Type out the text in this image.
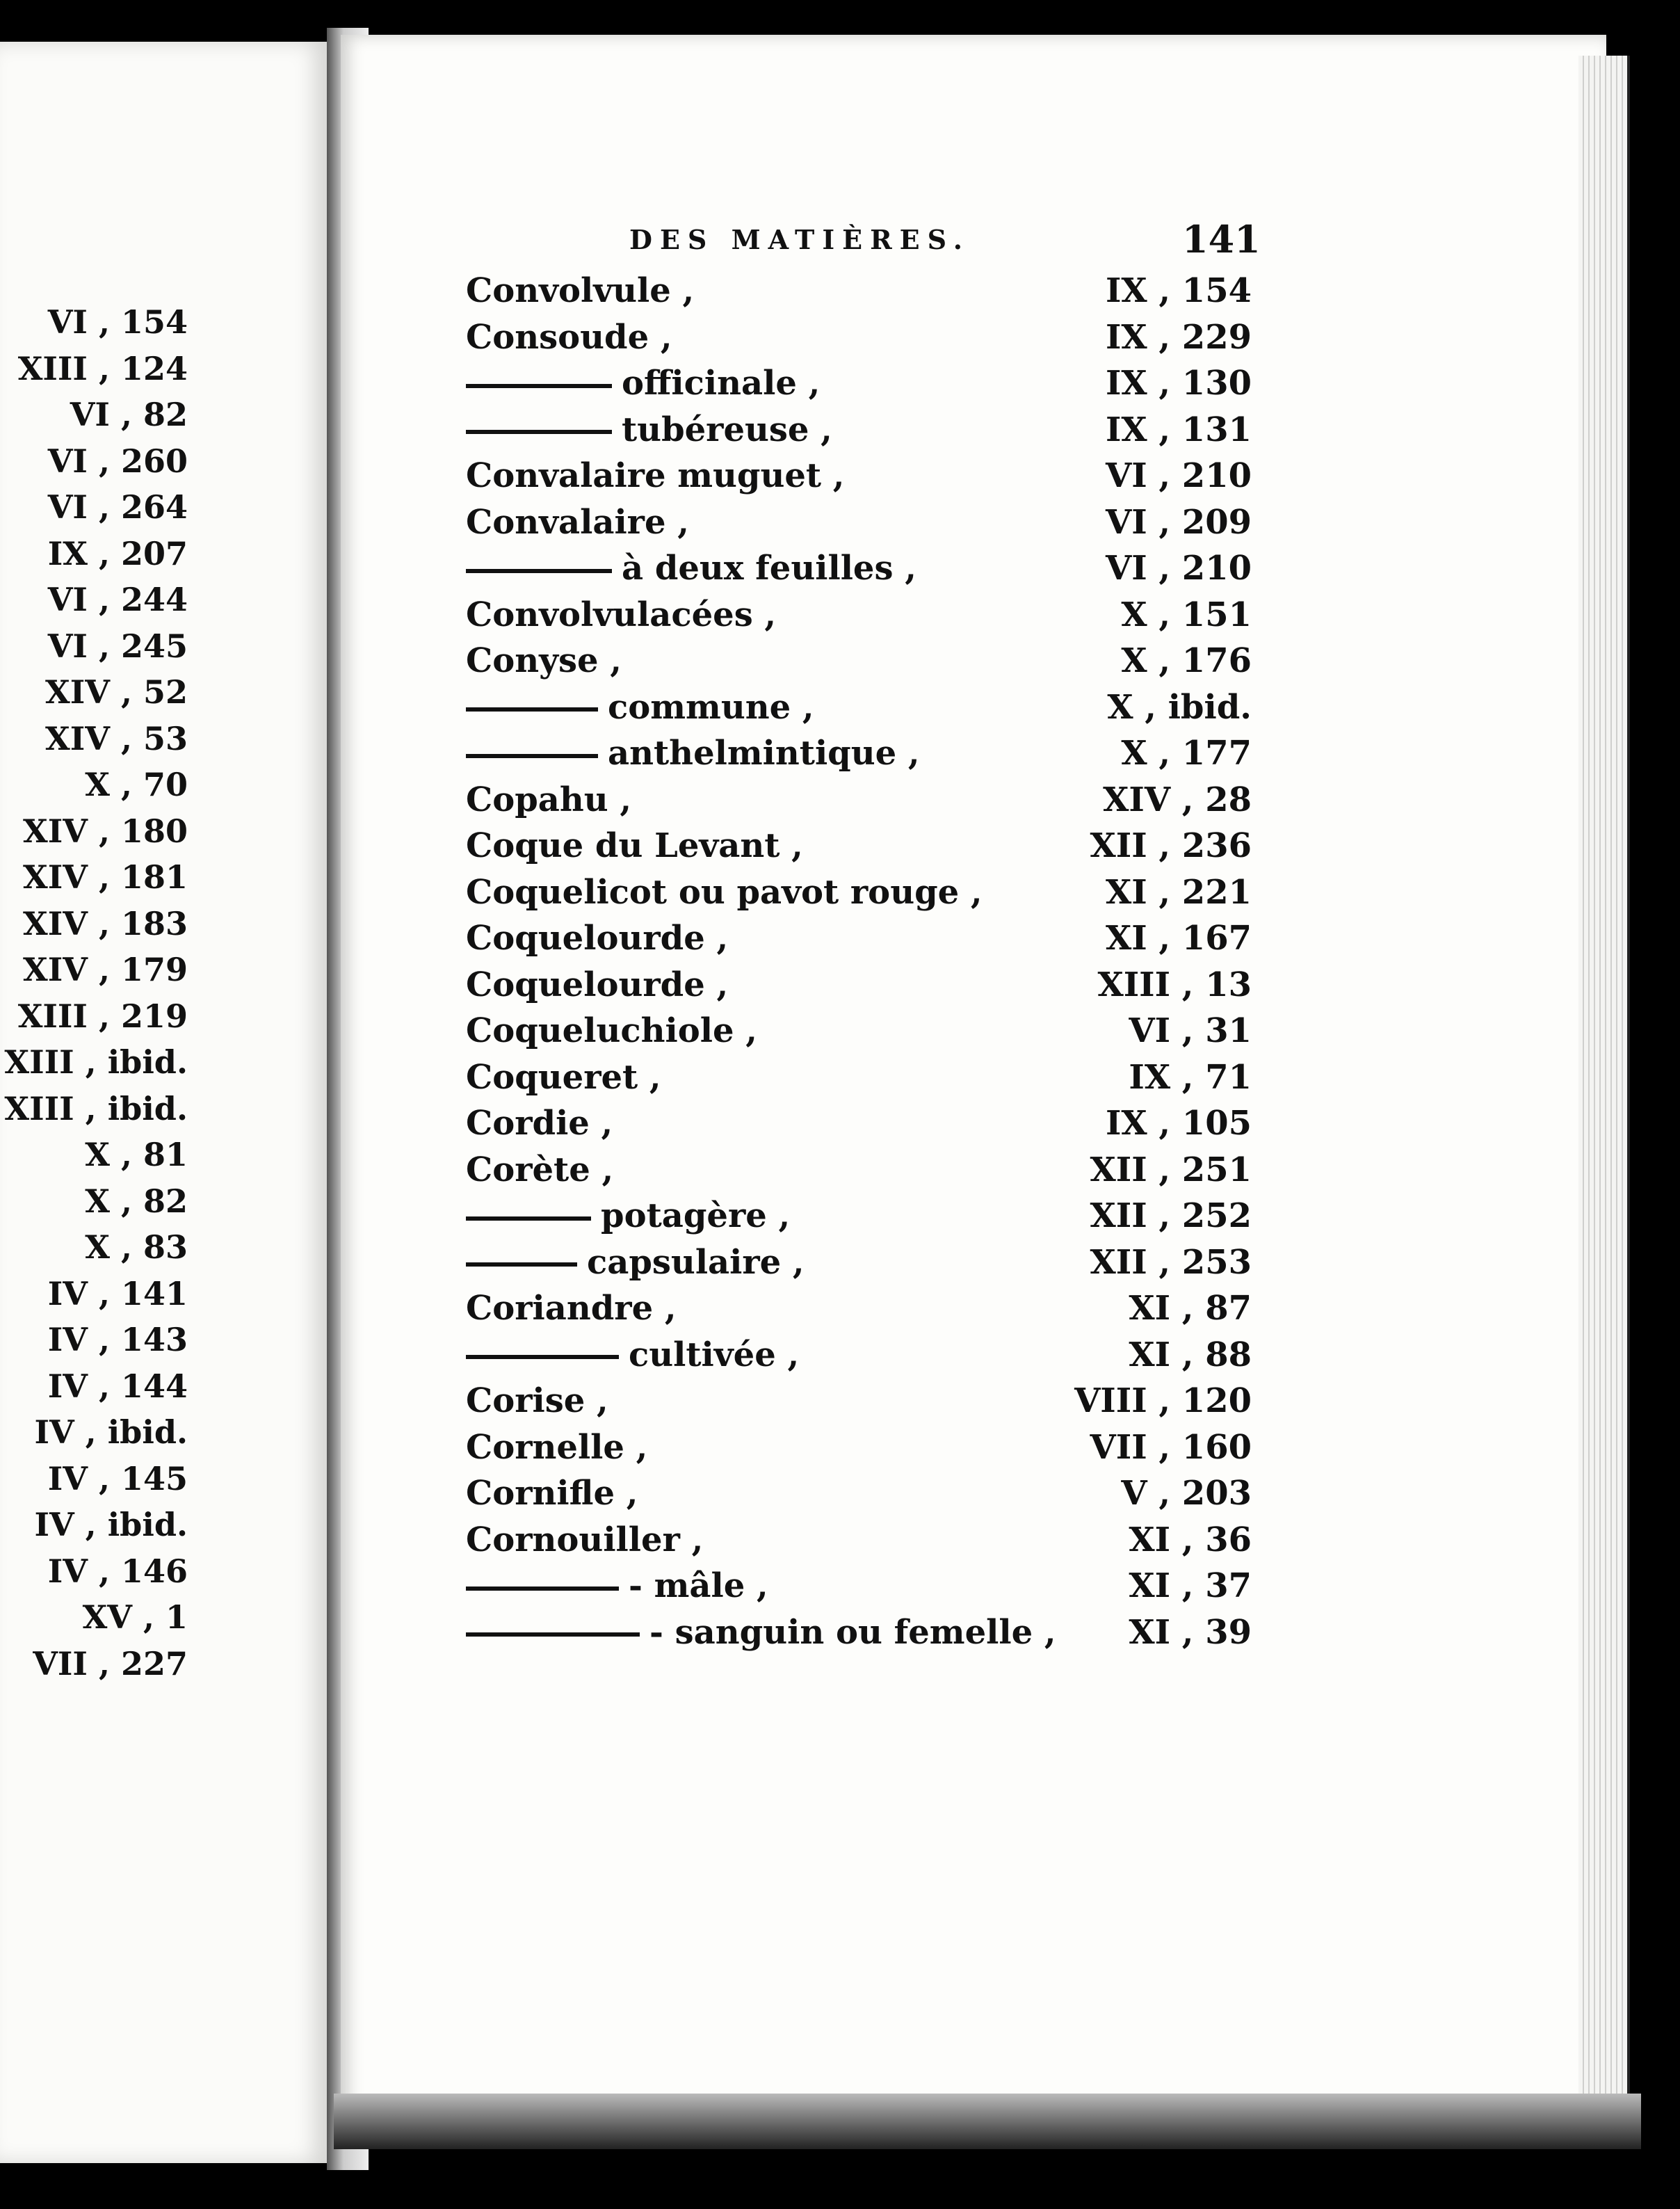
VI , 154
XIII , 124
VI , 82
VI , 260
VI , 264
IX , 207
VI , 244
VI , 245
XIV , 52
XIV , 53
X , 70
XIV , 180
XIV , 181
XIV , 183
XIV , 179
XIII , 219
XIII , ibid.
XIII , ibid.
X , 81
X , 82
X , 83
IV , 141
IV , 143
IV , 144
IV , ibid.
IV , 145
IV , ibid.
IV , 146
XV , 1
VII , 227
DES MATIÈRES.	141
Convolvule ,	IX , 154
Consoude ,	IX , 229
officinale ,	IX , 130
tubéreuse ,	IX , 131
Convalaire muguet ,	VI , 210
Convalaire ,	VI , 209
à deux feuilles ,	VI , 210
Convolvulacées ,	X , 151
Conyse ,	X , 176
commune ,	X , ibid.
anthelmintique ,	X , 177
Copahu ,	XIV , 28
Coque du Levant ,	XII , 236
Coquelicot ou pavot rouge ,	XI , 221
Coquelourde ,	XI , 167
Coquelourde ,	XIII , 13
Coqueluchiole ,	VI , 31
Coqueret ,	IX , 71
Cordie ,	IX , 105
Corète ,	XII , 251
potagère ,	XII , 252
capsulaire ,	XII , 253
Coriandre ,	XI , 87
cultivée ,	XI , 88
Corise ,	VIII , 120
Cornelle ,	VII , 160
Cornifle ,	V , 203
Cornouiller ,	XI , 36
- mâle ,	XI , 37
- sanguin ou femelle , XI , 39
